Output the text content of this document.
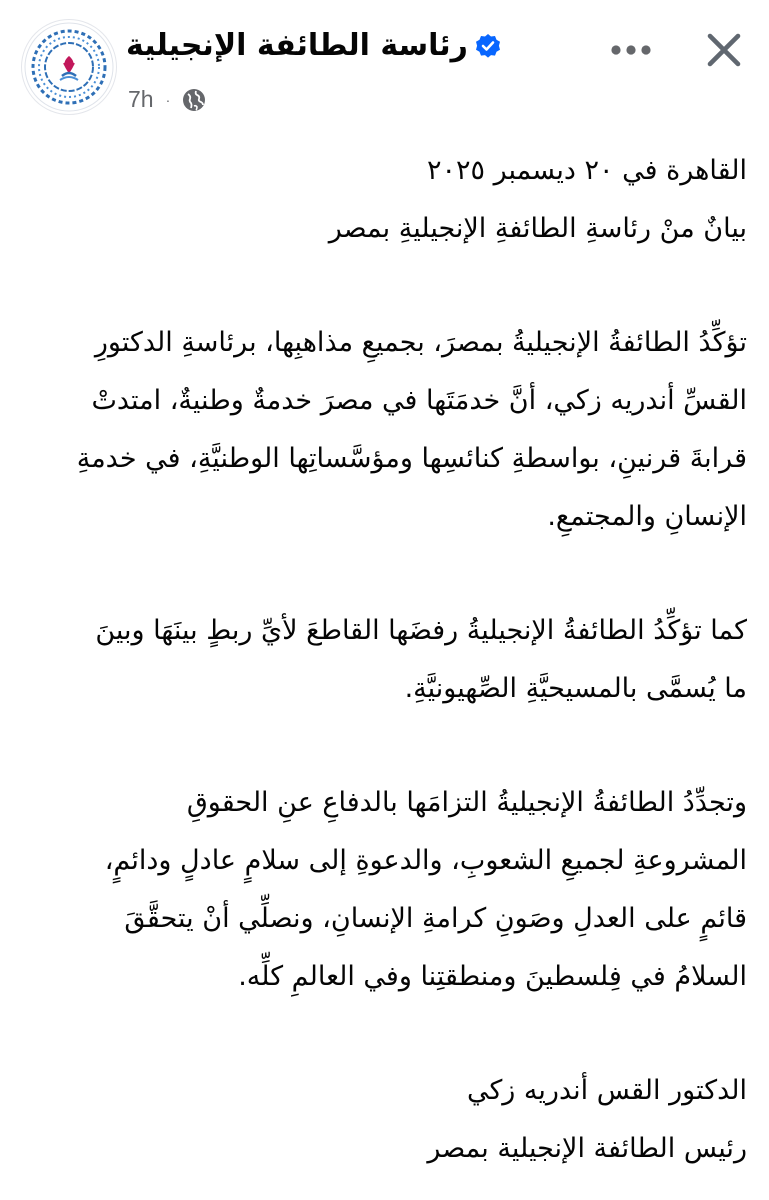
رئاسة الطائفة الإنجيلية
7h ·
القاهرة في ٢٠ ديسمبر ٢٠٢٥
بيانٌ منْ رئاسةِ الطائفةِ الإنجيليةِ بمصر
تؤكِّدُ الطائفةُ الإنجيليةُ بمصرَ، بجميعِ مذاهبِها، برئاسةِ الدكتورِ
القسِّ أندريه زكي، أنَّ خدمَتَها في مصرَ خدمةٌ وطنيةٌ، امتدتْ
قرابةَ قرنينِ، بواسطةِ كنائسِها ومؤسَّساتِها الوطنيَّةِ، في خدمةِ
الإنسانِ والمجتمعِ.
كما تؤكِّدُ الطائفةُ الإنجيليةُ رفضَها القاطعَ لأيِّ ربطٍ بينَهَا وبينَ
ما يُسمَّى بالمسيحيَّةِ الصِّهيونيَّةِ.
وتجدِّدُ الطائفةُ الإنجيليةُ التزامَها بالدفاعِ عنِ الحقوقِ
المشروعةِ لجميعِ الشعوبِ، والدعوةِ إلى سلامٍ عادلٍ ودائمٍ،
قائمٍ على العدلِ وصَونِ كرامةِ الإنسانِ، ونصلِّي أنْ يتحقَّقَ
السلامُ في فِلسطينَ ومنطقتِنا وفي العالمِ كلِّه.
الدكتور القس أندريه زكي
رئيس الطائفة الإنجيلية بمصر
